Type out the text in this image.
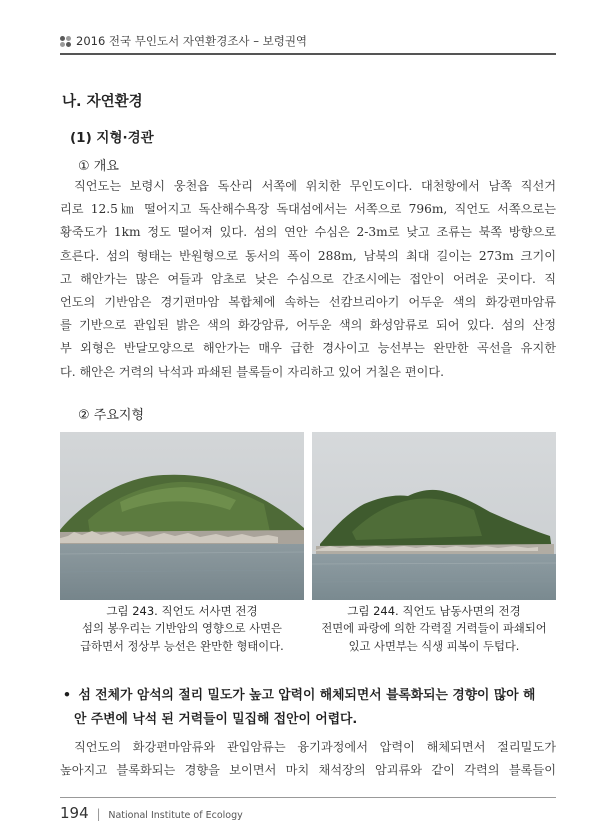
2016 전국 무인도서 자연환경조사 – 보령권역
나. 자연환경
(1) 지형·경관
① 개요
직언도는 보령시 웅천읍 독산리 서쪽에 위치한 무인도이다. 대천항에서 남쪽 직선거
리로 12.5㎞ 떨어지고 독산해수욕장 독대섬에서는 서쪽으로 796m, 직언도 서쪽으로는
황죽도가 1km 정도 떨어져 있다. 섬의 연안 수심은 2-3m로 낮고 조류는 북쪽 방향으로
흐른다. 섬의 형태는 반원형으로 동서의 폭이 288m, 남북의 최대 길이는 273m 크기이
고 해안가는 많은 여들과 암초로 낮은 수심으로 간조시에는 접안이 어려운 곳이다. 직
언도의 기반암은 경기편마암 복합체에 속하는 선캄브리아기 어두운 색의 화강편마암류
를 기반으로 관입된 밝은 색의 화강암류, 어두운 색의 화성암류로 되어 있다. 섬의 산정
부 외형은 반달모양으로 해안가는 매우 급한 경사이고 능선부는 완만한 곡선을 유지한
다. 해안은 거력의 낙석과 파쇄된 블록들이 자리하고 있어 거칠은 편이다.
② 주요지형
그림 243. 직언도 서사면 전경
섬의 봉우리는 기반암의 영향으로 사면은
급하면서 정상부 능선은 완만한 형태이다.
그림 244. 직언도 남동사면의 전경
전면에 파랑에 의한 각력질 거력들이 파쇄되어
있고 사면부는 식생 피복이 두텁다.
• 섬 전체가 암석의 절리 밀도가 높고 압력이 해체되면서 블록화되는 경향이 많아 해
안 주변에 낙석 된 거력들이 밀집해 접안이 어렵다.
직언도의 화강편마암류와 관입암류는 융기과정에서 압력이 해체되면서 절리밀도가
높아지고 블록화되는 경향을 보이면서 마치 채석장의 암괴류와 같이 각력의 블록들이
194 | National Institute of Ecology
